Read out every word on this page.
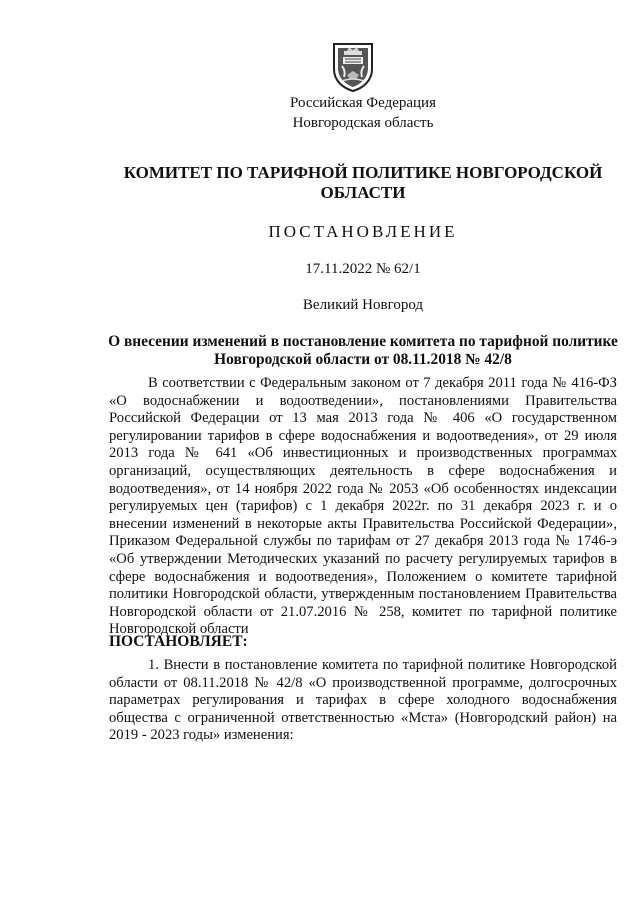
Российская Федерация
Новгородская область
КОМИТЕТ ПО ТАРИФНОЙ ПОЛИТИКЕ НОВГОРОДСКОЙ
ОБЛАСТИ
ПОСТАНОВЛЕНИЕ
17.11.2022 № 62/1
Великий Новгород
О внесении изменений в постановление комитета по тарифной политике
Новгородской области от 08.11.2018 № 42/8

В соответствии с Федеральным законом от 7 декабря 2011 года № 416-ФЗ «О водоснабжении и водоотведении», постановлениями Правительства Российской Федерации от 13 мая 2013 года № 406 «О государственном регулировании тарифов в сфере водоснабжения и водоотведения», от 29 июля 2013 года № 641 «Об инвестиционных и производственных программах организаций, осуществляющих деятельность в сфере водоснабжения и водоотведения», от 14 ноября 2022 года № 2053 «Об особенностях индексации регулируемых цен (тарифов) с 1 декабря 2022г. по 31 декабря 2023 г. и о внесении изменений в некоторые акты Правительства Российской Федерации», Приказом Федеральной службы по тарифам от 27 декабря 2013 года № 1746-э «Об утверждении Методических указаний по расчету регулируемых тарифов в сфере водоснабжения и водоотведения», Положением о комитете тарифной политики Новгородской области, утвержденным постановлением Правительства Новгородской области от 21.07.2016 № 258, комитет по тарифной политике Новгородской области

ПОСТАНОВЛЯЕТ:

1. Внести в постановление комитета по тарифной политике Новгородской области от 08.11.2018 № 42/8 «О производственной программе, долгосрочных параметрах регулирования и тарифах в сфере холодного водоснабжения общества с ограниченной ответственностью «Мста» (Новгородский район) на 2019 - 2023 годы» изменения:
